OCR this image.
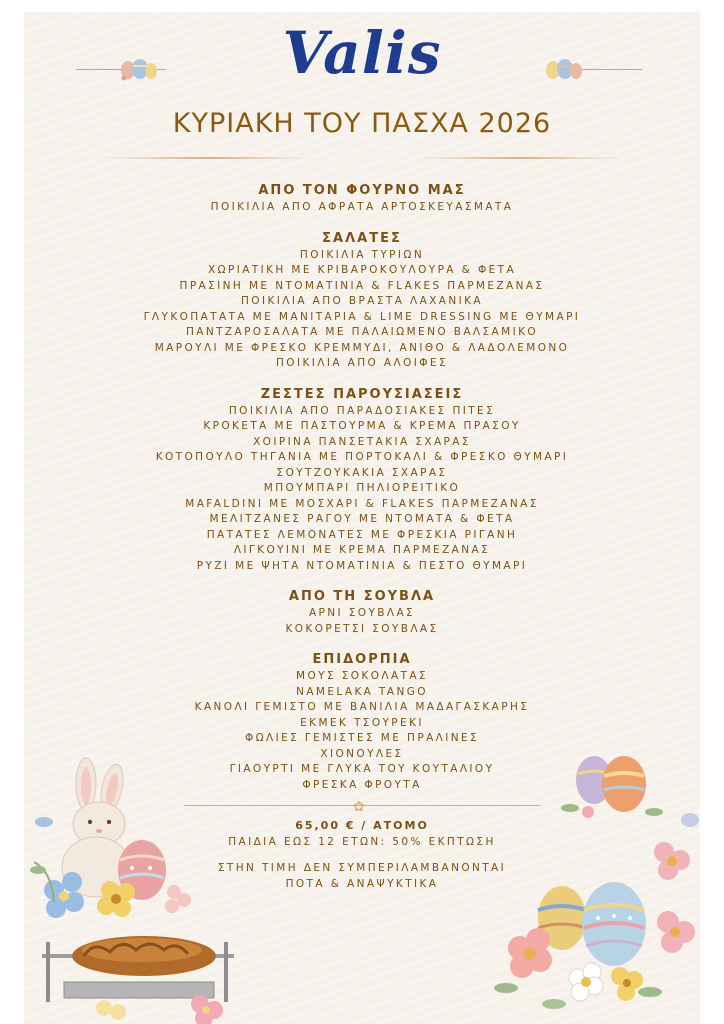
Valis
ΚΥΡΙΑΚΗ ΤΟΥ ΠΑΣΧΑ 2026
ΑΠΟ ΤΟΝ ΦΟΥΡΝΟ ΜΑΣ
ΠΟΙΚΙΛΙΑ ΑΠΟ ΑΦΡΑΤΑ ΑΡΤΟΣΚΕΥΑΣΜΑΤΑ
ΣΑΛΑΤΕΣ
ΠΟΙΚΙΛΙΑ ΤΥΡΙΩΝ
ΧΩΡΙΑΤΙΚΗ ΜΕ ΚΡΙΒΑΡΟΚΟΥΛΟΥΡΑ & ΦΕΤΑ
ΠΡΑΣΙΝΗ ΜΕ ΝΤΟΜΑΤΙΝΙΑ & FLAKES ΠΑΡΜΕΖΑΝΑΣ
ΠΟΙΚΙΛΙΑ ΑΠΟ ΒΡΑΣΤΑ ΛΑΧΑΝΙΚΑ
ΓΛΥΚΟΠΑΤΑΤΑ ΜΕ ΜΑΝΙΤΑΡΙΑ & LIME DRESSING ΜΕ ΘΥΜΑΡΙ
ΠΑΝΤΖΑΡΟΣΑΛΑΤΑ ΜΕ ΠΑΛΑΙΩΜΕΝΟ ΒΑΛΣΑΜΙΚΟ
ΜΑΡΟΥΛΙ ΜΕ ΦΡΕΣΚΟ ΚΡΕΜΜΥΔΙ, ΑΝΙΘΟ & ΛΑΔΟΛΕΜΟΝΟ
ΠΟΙΚΙΛΙΑ ΑΠΟ ΑΛΟΙΦΕΣ
ΖΕΣΤΕΣ ΠΑΡΟΥΣΙΑΣΕΙΣ
ΠΟΙΚΙΛΙΑ ΑΠΟ ΠΑΡΑΔΟΣΙΑΚΕΣ ΠΙΤΕΣ
ΚΡΟΚΕΤΑ ΜΕ ΠΑΣΤΟΥΡΜΑ & ΚΡΕΜΑ ΠΡΑΣΟΥ
ΧΟΙΡΙΝΑ ΠΑΝΣΕΤΑΚΙΑ ΣΧΑΡΑΣ
ΚΟΤΟΠΟΥΛΟ ΤΗΓΑΝΙΑ ΜΕ ΠΟΡΤΟΚΑΛΙ & ΦΡΕΣΚΟ ΘΥΜΑΡΙ
ΣΟΥΤΖΟΥΚΑΚΙΑ ΣΧΑΡΑΣ
ΜΠΟΥΜΠΑΡΙ ΠΗΛΙΟΡΕΙΤΙΚΟ
MAFALDINI ΜΕ ΜΟΣΧΑΡΙ & FLAKES ΠΑΡΜΕΖΑΝΑΣ
ΜΕΛΙΤΖΑΝΕΣ ΡΑΓΟΥ ΜΕ ΝΤΟΜΑΤΑ & ΦΕΤΑ
ΠΑΤΑΤΕΣ ΛΕΜΟΝΑΤΕΣ ΜΕ ΦΡΕΣΚΙΑ ΡΙΓΑΝΗ
ΛΙΓΚΟΥΙΝΙ ΜΕ ΚΡΕΜΑ ΠΑΡΜΕΖΑΝΑΣ
ΡΥΖΙ ΜΕ ΨΗΤΑ ΝΤΟΜΑΤΙΝΙΑ & ΠΕΣΤΟ ΘΥΜΑΡΙ
ΑΠΟ ΤΗ ΣΟΥΒΛΑ
ΑΡΝΙ ΣΟΥΒΛΑΣ
ΚΟΚΟΡΕΤΣΙ ΣΟΥΒΛΑΣ
ΕΠΙΔΟΡΠΙΑ
ΜΟΥΣ ΣΟΚΟΛΑΤΑΣ
NAMELAKA TANGO
ΚΑΝΟΛΙ ΓΕΜΙΣΤΟ ΜΕ ΒΑΝΙΛΙΑ ΜΑΔΑΓΑΣΚΑΡΗΣ
ΕΚΜΕΚ ΤΣΟΥΡΕΚΙ
ΦΩΛΙΕΣ ΓΕΜΙΣΤΕΣ ΜΕ ΠΡΑΛΙΝΕΣ
ΧΙΟΝΟΥΛΕΣ
ΓΙΑΟΥΡΤΙ ΜΕ ΓΛΥΚΑ ΤΟΥ ΚΟΥΤΑΛΙΟΥ
ΦΡΕΣΚΑ ΦΡΟΥΤΑ
✿
65,00 € / ΑΤΟΜΟ
ΠΑΙΔΙΑ ΕΩΣ 12 ΕΤΩΝ: 50% ΕΚΠΤΩΣΗ
ΣΤΗΝ ΤΙΜΗ ΔΕΝ ΣΥΜΠΕΡΙΛΑΜΒΑΝΟΝΤΑΙ
ΠΟΤΑ & ΑΝΑΨΥΚΤΙΚΑ
